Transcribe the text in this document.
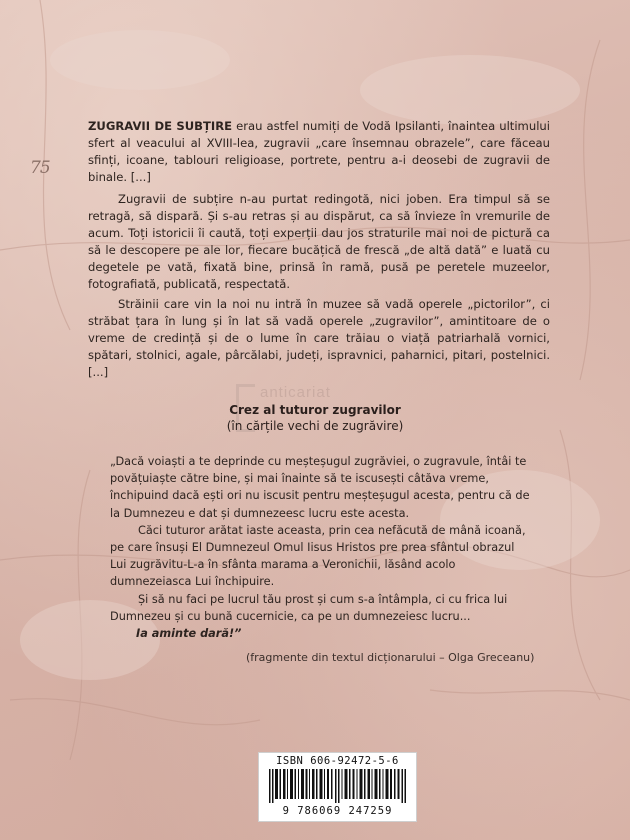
75

ZUGRAVII DE SUBȚIRE erau astfel numiți de Vodă Ipsilanti, înaintea ultimului sfert al veacului al XVIII-lea, zugravii „care însemnau obrazele”, care făceau sfinți, icoane, tablouri religioase, portrete, pentru a-i deosebi de zugravii de binale. [...]

Zugravii de subțire n-au purtat redingotă, nici joben. Era timpul să se retragă, să dispară. Și s-au retras și au dispărut, ca să învieze în vremurile de acum. Toți istoricii îi caută, toți experții dau jos straturile mai noi de pictură ca să le descopere pe ale lor, fiecare bucățică de frescă „de altă dată” e luată cu degetele pe vată, fixată bine, prinsă în ramă, pusă pe peretele muzeelor, fotografiată, publicată, respectată.

Străinii care vin la noi nu intră în muzee să vadă operele „pictorilor”, ci străbat țara în lung și în lat să vadă operele „zugravilor”, amintitoare de o vreme de credință și de o lume în care trăiau o viață patriarhală vornici, spătari, stolnici, agale, pârcălabi, județi, ispravnici, paharnici, pitari, postelnici. [...]

anticariat
Crez al tuturor zugravilor
(în cărțile vechi de zugrăvire)

„Dacă voiaști a te deprinde cu meșteșugul zugrăviei, o zugravule, întâi te povățuiaște către bine, și mai înainte să te iscusești câtăva vreme, închipuind dacă ești ori nu iscusit pentru meșteșugul acesta, pentru că de la Dumnezeu e dat și dumnezeesc lucru este acesta.

Căci tuturor arătat iaste aceasta, prin cea nefăcută de mână icoană, pe care însuși El Dumnezeul Omul Iisus Hristos pre prea sfântul obrazul Lui zugrăvitu-L-a în sfânta marama a Veronichii, lăsând acolo dumnezeiasca Lui închipuire.

Și să nu faci pe lucrul tău prost și cum s-a întâmpla, ci cu frica lui Dumnezeu și cu bună cucernicie, ca pe un dumnezeiesc lucru...

Ia aminte dară!”

(fragmente din textul dicționarului – Olga Greceanu)
ISBN 606-92472-5-6
9 786069 247259
